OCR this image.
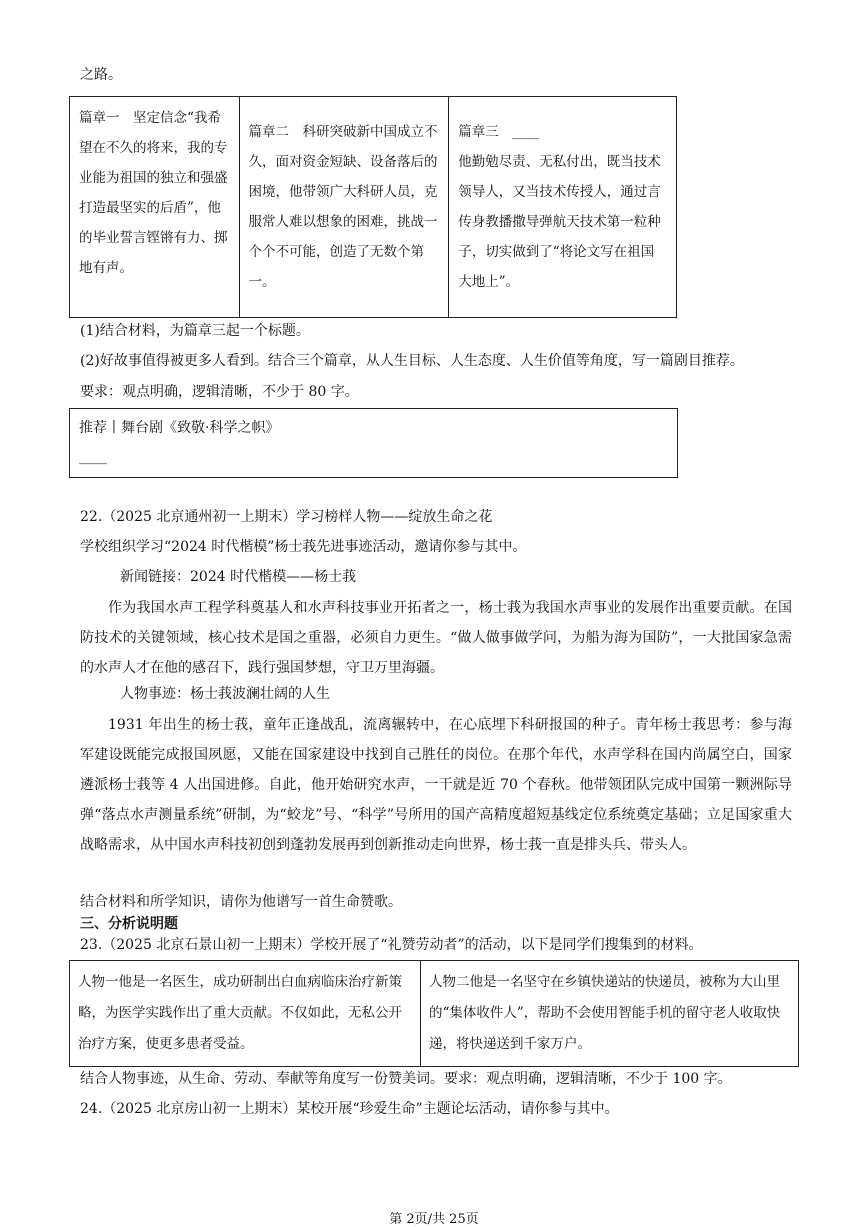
之路。
篇章一　坚定信念“我希望在不久的将来，我的专业能为祖国的独立和强盛打造最坚实的后盾”，他的毕业誓言铿锵有力、掷地有声。	篇章二　科研突破新中国成立不久，面对资金短缺、设备落后的困境，他带领广大科研人员，克服常人难以想象的困难，挑战一个个不可能，创造了无数个第一。	篇章三　____
他勤勉尽责、无私付出，既当技术领导人，又当技术传授人，通过言传身教播撒导弹航天技术第一粒种子，切实做到了“将论文写在祖国大地上”。
(1)结合材料，为篇章三起一个标题。
(2)好故事值得被更多人看到。结合三个篇章，从人生目标、人生态度、人生价值等角度，写一篇剧目推荐。
要求：观点明确，逻辑清晰，不少于 80 字。
推荐丨舞台剧《致敬·科学之帜》
____
22.（2025 北京通州初一上期末）学习榜样人物——绽放生命之花
学校组织学习“2024 时代楷模”杨士莪先进事迹活动，邀请你参与其中。
新闻链接：2024 时代楷模——杨士莪
作为我国水声工程学科奠基人和水声科技事业开拓者之一，杨士莪为我国水声事业的发展作出重要贡献。在国防技术的关键领域，核心技术是国之重器，必须自力更生。“做人做事做学问，为船为海为国防”，一大批国家急需的水声人才在他的感召下，践行强国梦想，守卫万里海疆。
人物事迹：杨士莪波澜壮阔的人生
1931 年出生的杨士莪，童年正逢战乱，流离辗转中，在心底埋下科研报国的种子。青年杨士莪思考：参与海军建设既能完成报国夙愿，又能在国家建设中找到自己胜任的岗位。在那个年代，水声学科在国内尚属空白，国家遴派杨士莪等 4 人出国进修。自此，他开始研究水声，一干就是近 70 个春秋。他带领团队完成中国第一颗洲际导弹“落点水声测量系统”研制，为“蛟龙”号、“科学”号所用的国产高精度超短基线定位系统奠定基础；立足国家重大战略需求，从中国水声科技初创到蓬勃发展再到创新推动走向世界，杨士莪一直是排头兵、带头人。
结合材料和所学知识，请你为他谱写一首生命赞歌。
三、分析说明题
23.（2025 北京石景山初一上期末）学校开展了“礼赞劳动者”的活动，以下是同学们搜集到的材料。
人物一他是一名医生，成功研制出白血病临床治疗新策略，为医学实践作出了重大贡献。不仅如此，无私公开治疗方案，使更多患者受益。	人物二他是一名坚守在乡镇快递站的快递员，被称为大山里的“集体收件人”，帮助不会使用智能手机的留守老人收取快递，将快递送到千家万户。
结合人物事迹，从生命、劳动、奉献等角度写一份赞美词。要求：观点明确，逻辑清晰，不少于 100 字。
24.（2025 北京房山初一上期末）某校开展“珍爱生命”主题论坛活动，请你参与其中。
第 2页/共 25页
